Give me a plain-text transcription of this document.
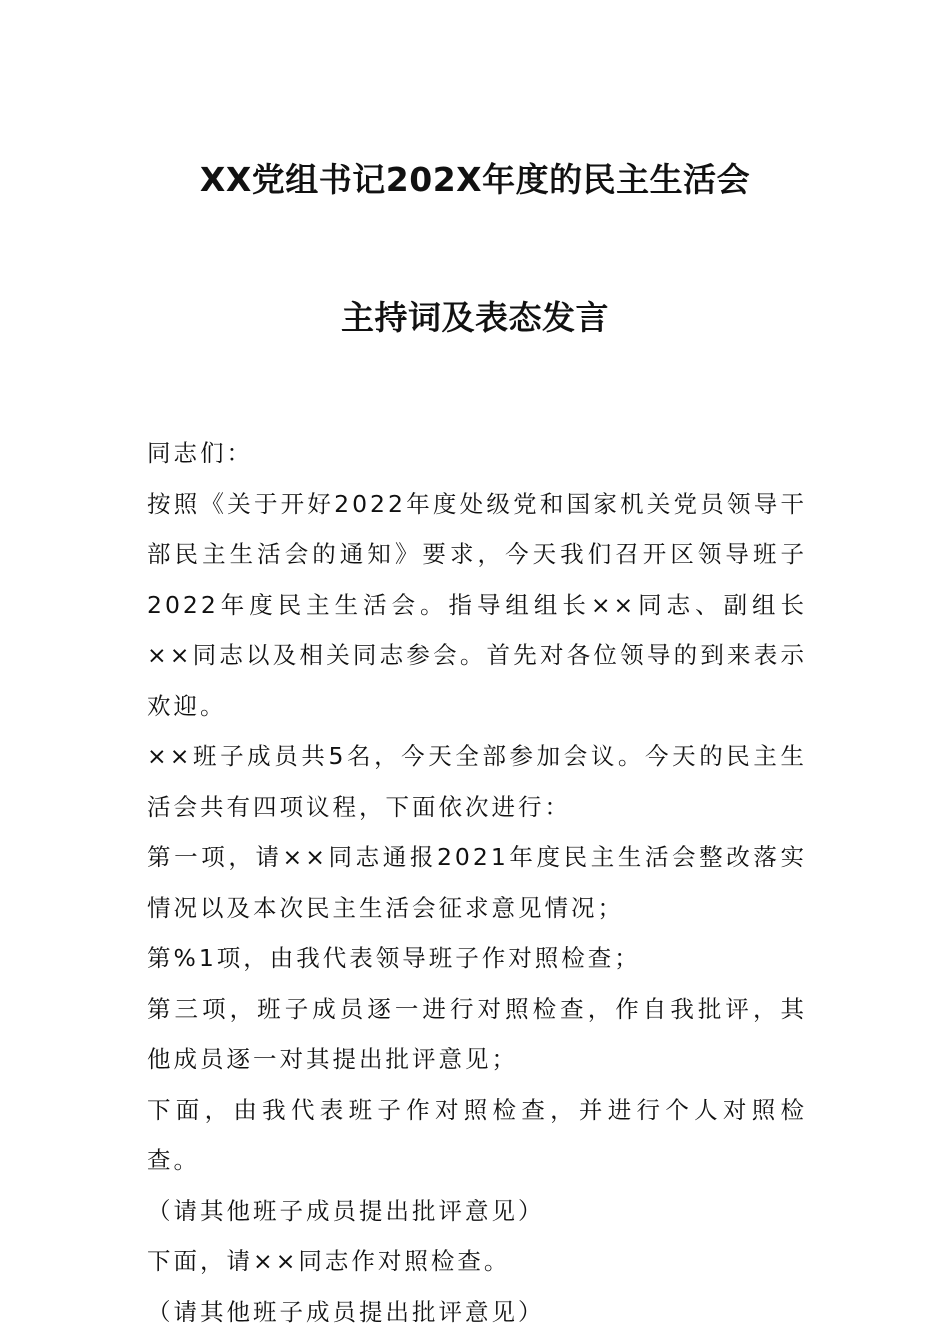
XX党组书记202X年度的民主生活会
主持词及表态发言

同志们：

按照《关于开好2022年度处级党和国家机关党员领导干部民主生活会的通知》要求，今天我们召开区领导班子2022年度民主生活会。指导组组长××同志、副组长××同志以及相关同志参会。首先对各位领导的到来表示欢迎。

××班子成员共5名，今天全部参加会议。今天的民主生活会共有四项议程，下面依次进行：

第一项，请××同志通报2021年度民主生活会整改落实情况以及本次民主生活会征求意见情况；

第%1项，由我代表领导班子作对照检查；

第三项，班子成员逐一进行对照检查，作自我批评，其他成员逐一对其提出批评意见；

下面，由我代表班子作对照检查，并进行个人对照检查。

（请其他班子成员提出批评意见）

下面，请××同志作对照检查。

（请其他班子成员提出批评意见）
